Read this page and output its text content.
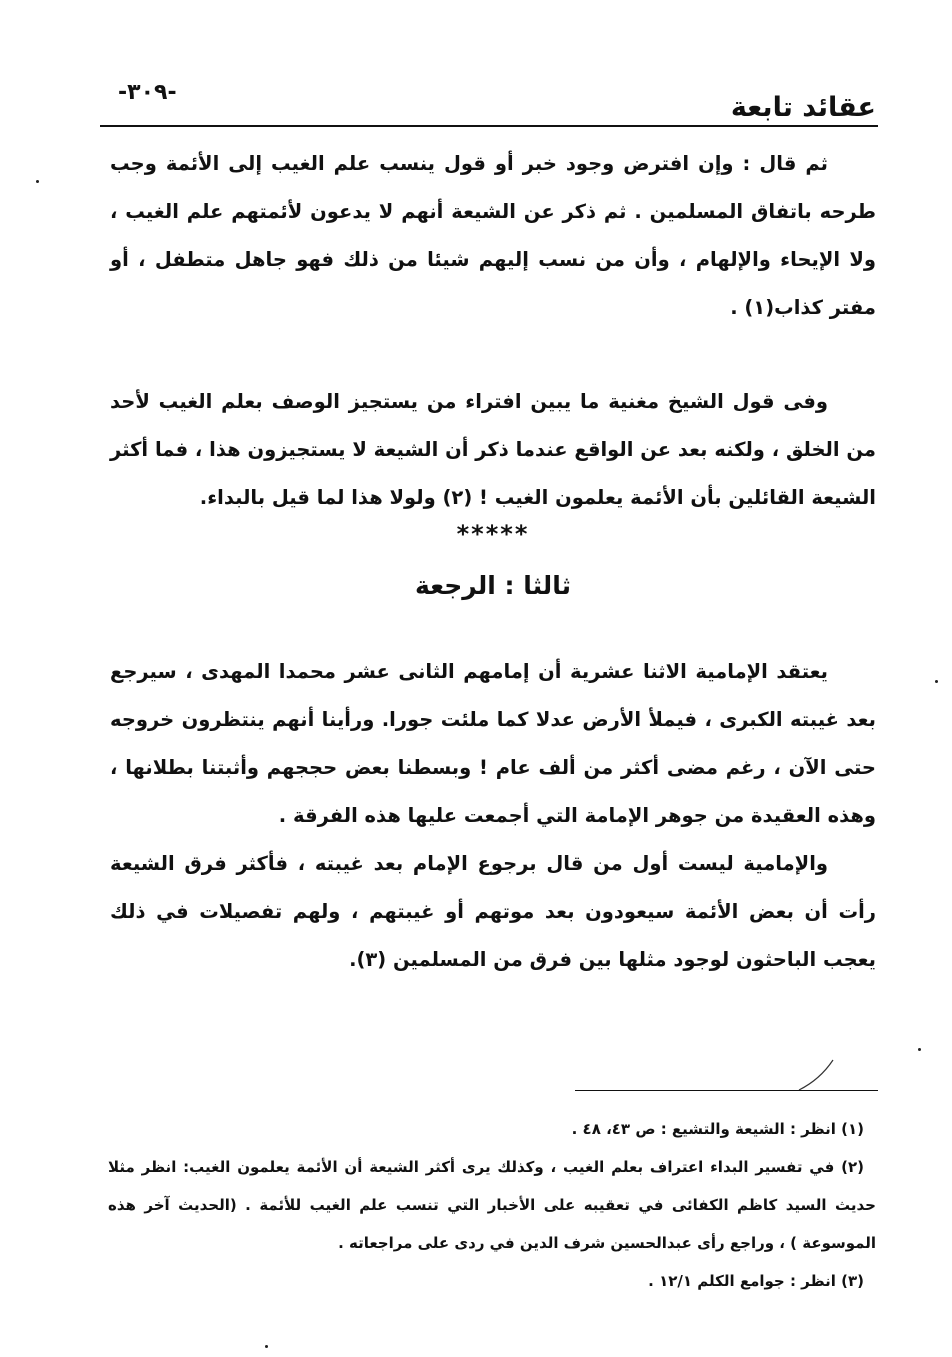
-٣٠٩-	عقائد تابعة

ثم قال : وإن افترض وجود خبر أو قول ينسب علم الغيب إلى الأئمة وجب طرحه باتفاق المسلمين . ثم ذكر عن الشيعة أنهم لا يدعون لأئمتهم علم الغيب ، ولا الإيحاء والإلهام ، وأن من نسب إليهم شيئا من ذلك فهو جاهل متطفل ، أو مفتر كذاب(١) .

وفى قول الشيخ مغنية ما يبين افتراء من يستجيز الوصف بعلم الغيب لأحد من الخلق ، ولكنه بعد عن الواقع عندما ذكر أن الشيعة لا يستجيزون هذا ، فما أكثر الشيعة القائلين بأن الأئمة يعلمون الغيب ! (٢) ولولا هذا لما قيل بالبداء.

*****

ثالثا : الرجعة

يعتقد الإمامية الاثنا عشرية أن إمامهم الثانى عشر محمدا المهدى ، سيرجع بعد غيبته الكبرى ، فيملأ الأرض عدلا كما ملئت جورا. ورأينا أنهم ينتظرون خروجه حتى الآن ، رغم مضى أكثر من ألف عام ! وبسطنا بعض حججهم وأثبتنا بطلانها ، وهذه العقيدة من جوهر الإمامة التي أجمعت عليها هذه الفرقة .

والإمامية ليست أول من قال برجوع الإمام بعد غيبته ، فأكثر فرق الشيعة رأت أن بعض الأئمة سيعودون بعد موتهم أو غيبتهم ، ولهم تفصيلات في ذلك يعجب الباحثون لوجود مثلها بين فرق من المسلمين (٣).

(١) انظر : الشيعة والتشيع : ص ٤٣، ٤٨ .

(٢) في تفسير البداء اعتراف بعلم الغيب ، وكذلك يرى أكثر الشيعة أن الأئمة يعلمون الغيب: انظر مثلا حديث السيد كاظم الكفائى في تعقيبه على الأخبار التي تنسب علم الغيب للأئمة . (الحديث آخر هذه الموسوعة ) ، وراجع رأى عبدالحسين شرف الدين في ردى على مراجعاته .

(٣) انظر : جوامع الكلم ١٢/١ .
